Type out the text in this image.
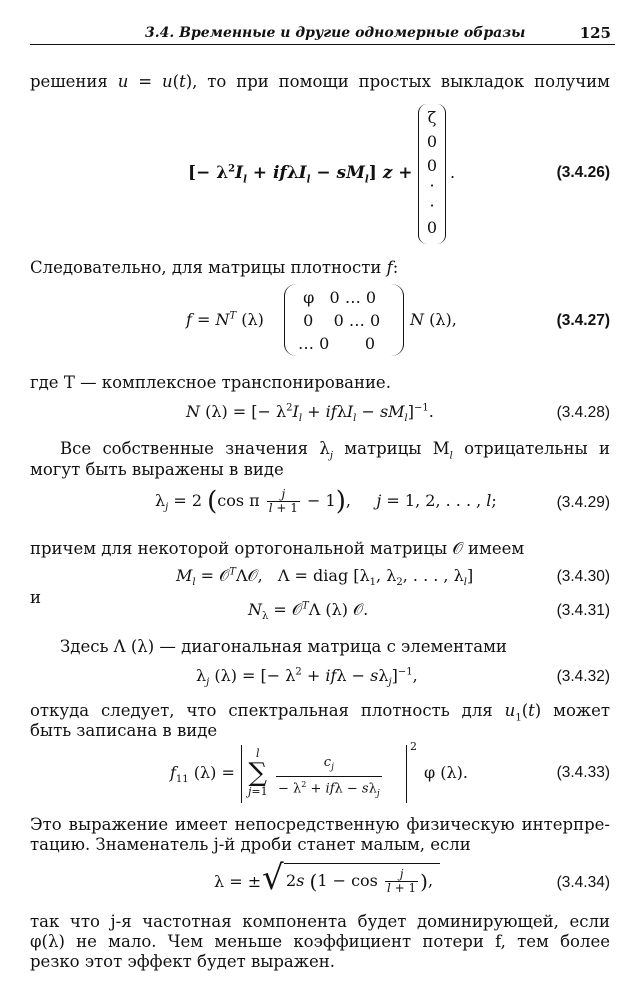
3.4. Временные и другие одномерные образы	125
решения u = u(t), то при помощи простых выкладок получим
[− $\lambda^2I_l + if\lambda I_l - sM_l$] z +
ζ
0
0
·
·
0
.	(3.4.26)
Следовательно, для матрицы плотности f:
$f = N^T$ (λ)
φ   0 … 0
0    0 … 0
… 0       0
N (λ),	(3.4.27)
где T — комплексное транспонирование.
N (λ) = [− $\lambda^2I_l + if\lambda I_l - sM_l]^{-1}$.	(3.4.28)
Все собственные значения $\lambda_j$ матрицы $M_l$ отрицательны и
могут быть выражены в виде
$\lambda_j = 2$ (cos π $\frac{j}{l + 1} - 1$),     j = 1, 2, . . . , l;	(3.4.29)
причем для некоторой ортогональной матрицы 𝒪 имеем
$M_l$ = 𝒪$^T$Λ𝒪,   Λ = diag [$\lambda_1$, $\lambda_2$, . . . , $\lambda_l$]	(3.4.30)
и
$N_\lambda$ = 𝒪$^T$Λ (λ) 𝒪.	(3.4.31)
Здесь Λ (λ) — диагональная матрица с элементами
$\lambda_j$ (λ) = [− $\lambda^2 + if\lambda - s\lambda_j]^{-1}$,	(3.4.32)
откуда следует, что спектральная плотность для $u_1(t)$ может
быть записана в виде
$f_{11}$ (λ) =
l
∑
$j=1 \frac{c_j}{- \lambda^2 + if\lambda - s\lambda_j}$
2
φ (λ).	(3.4.33)
Это выражение имеет непосредственную физическую интерпре-
тацию. Знаменатель j-й дроби станет малым, если
λ = ± √ 2s ($1 - \cos \frac{j}{l + 1}$ ),	(3.4.34)
так что j-я частотная компонента будет доминирующей, если
φ(λ) не мало. Чем меньше коэффициент потери f, тем более
резко этот эффект будет выражен.
